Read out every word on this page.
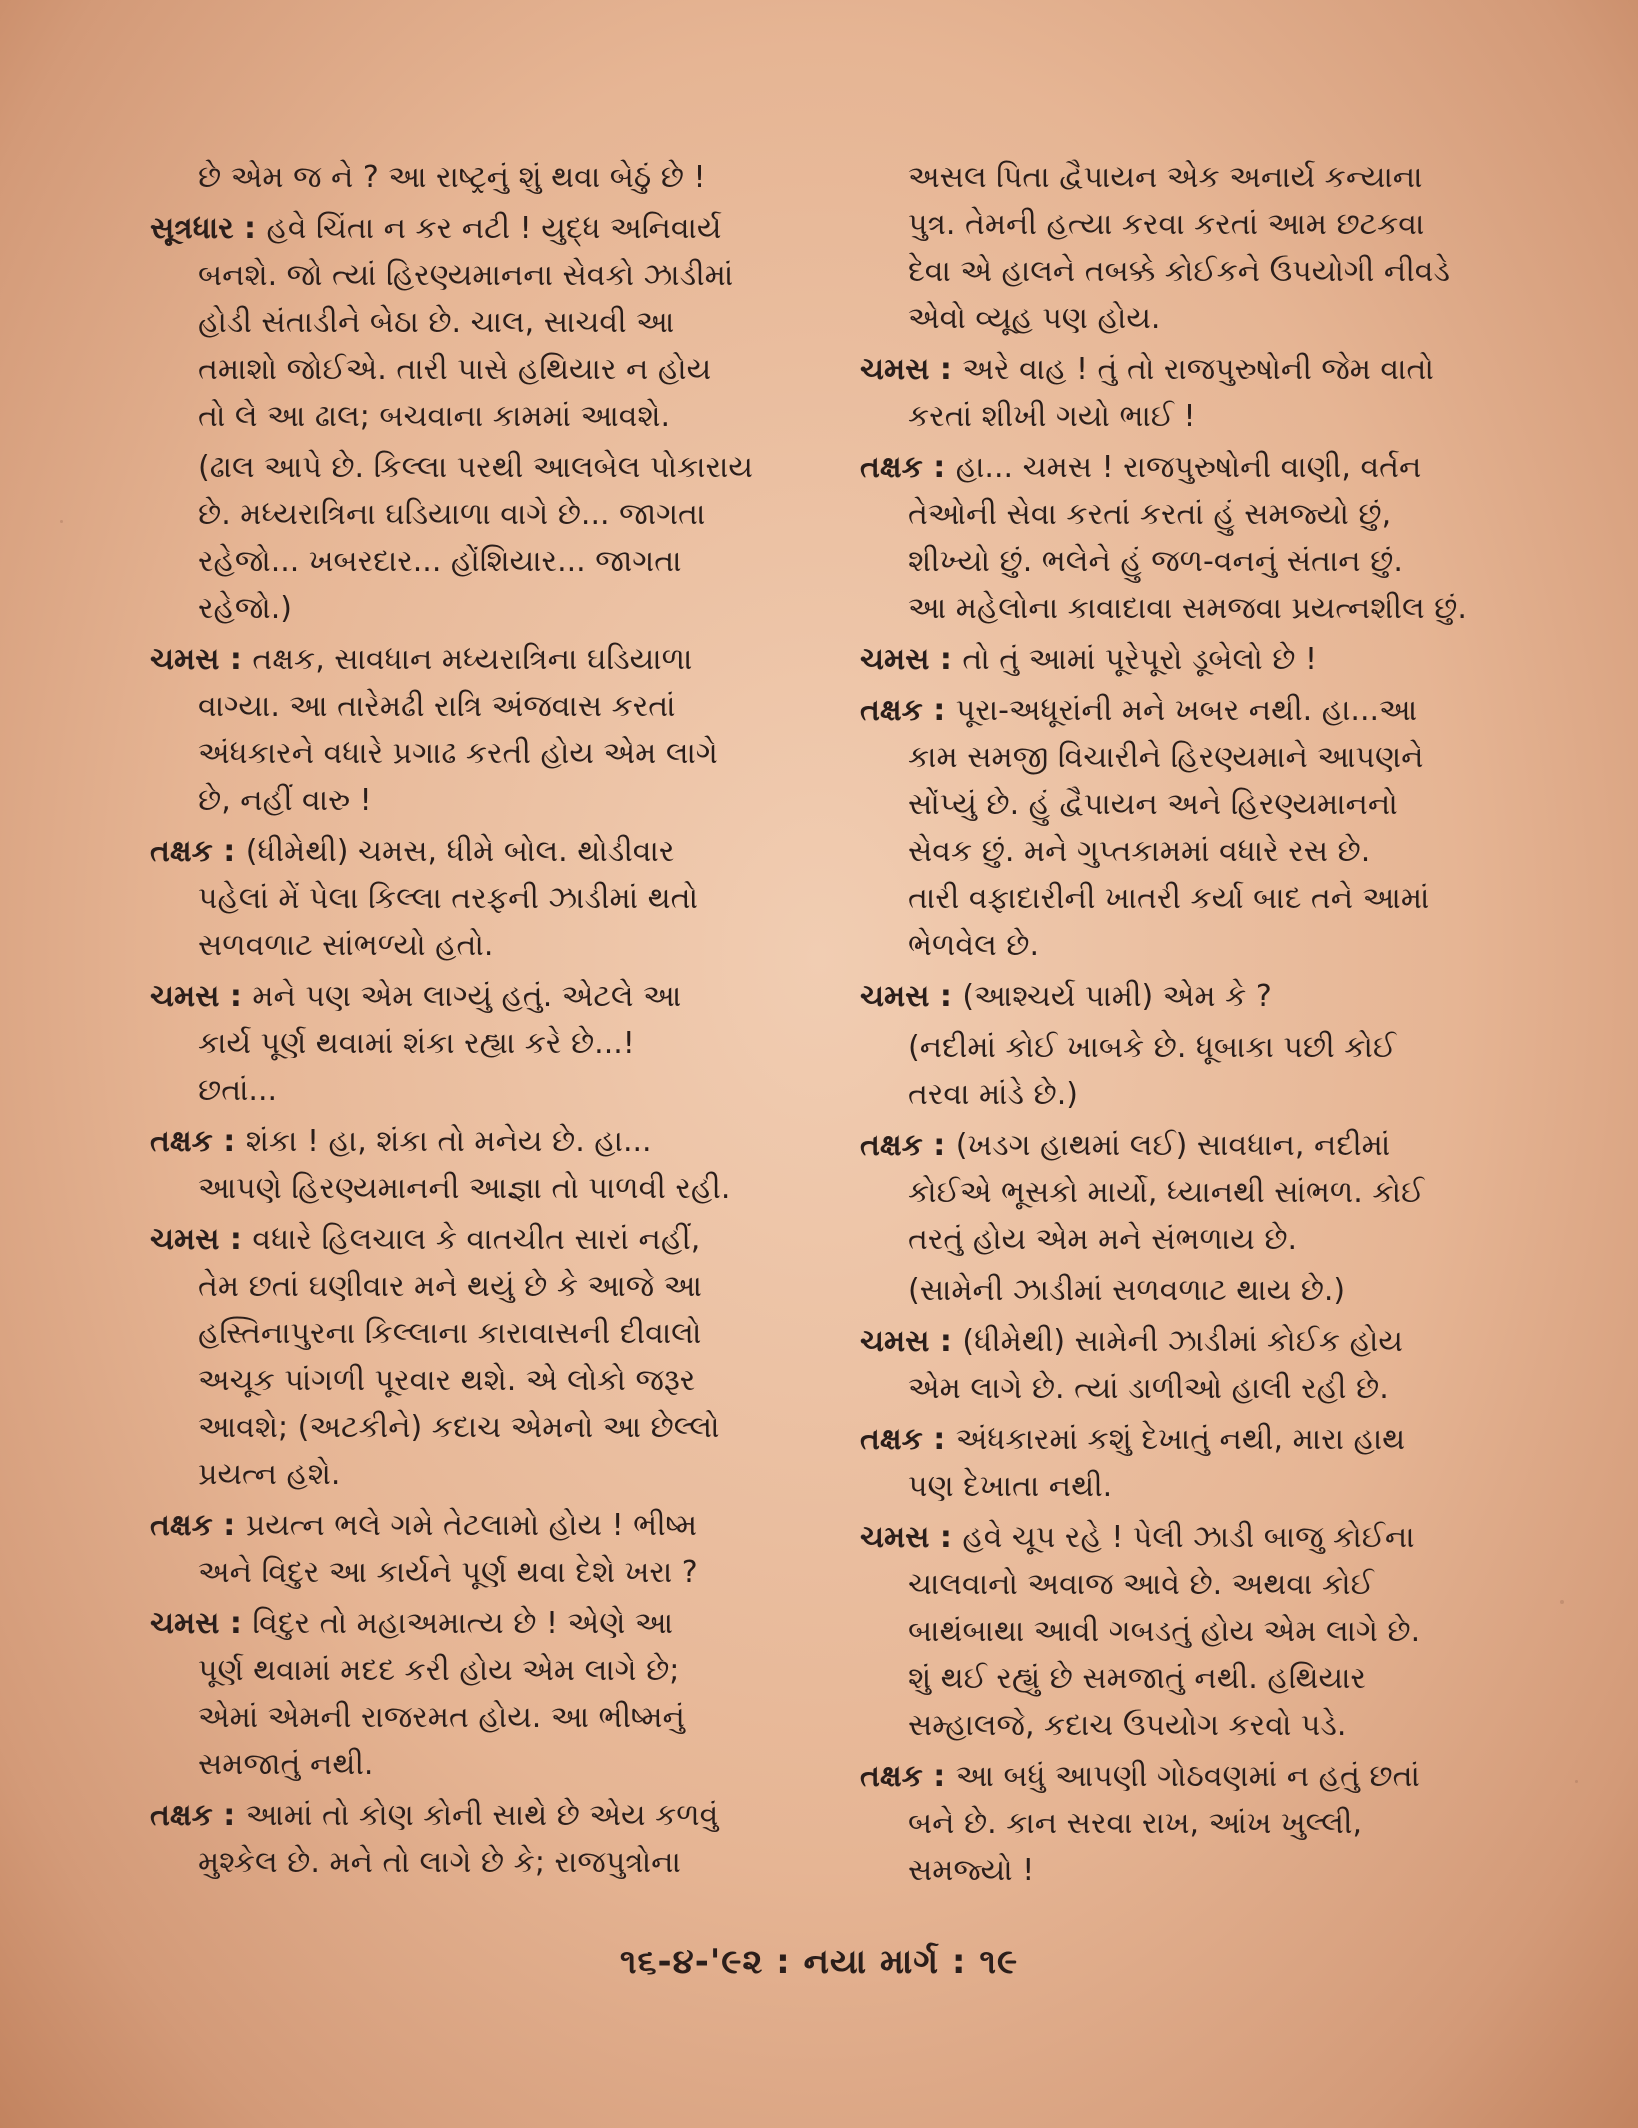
છે એમ જ ને ? આ રાષ્ટ્રનું શું થવા બેઠું છે !
સૂત્રધાર : હવે ચિંતા ન કર નટી ! યુદ્ધ અનિવાર્ય
બનશે. જો ત્યાં હિરણ્યમાનના સેવકો ઝાડીમાં
હોડી સંતાડીને બેઠા છે. ચાલ, સાચવી આ
તમાશો જોઈએ. તારી પાસે હથિયાર ન હોય
તો લે આ ઢાલ; બચવાના કામમાં આવશે.
(ઢાલ આપે છે. કિલ્લા પરથી આલબેલ પોકારાય
છે. મધ્યરાત્રિના ઘડિયાળા વાગે છે... જાગતા
રહેજો... ખબરદાર... હોંશિયાર... જાગતા
રહેજો.)
ચમસ : તક્ષક, સાવધાન મધ્યરાત્રિના ઘડિયાળા
વાગ્યા. આ તારેમઢી રાત્રિ અંજવાસ કરતાં
અંધકારને વધારે પ્રગાઢ કરતી હોય એમ લાગે
છે, નહીં વારુ !
તક્ષક : (ધીમેથી) ચમસ, ધીમે બોલ. થોડીવાર
પહેલાં મેં પેલા કિલ્લા તરફની ઝાડીમાં થતો
સળવળાટ સાંભળ્યો હતો.
ચમસ : મને પણ એમ લાગ્યું હતું. એટલે આ
કાર્ય પૂર્ણ થવામાં શંકા રહ્યા કરે છે...!
છતાં...
તક્ષક : શંકા ! હા, શંકા તો મનેય છે. હા...
આપણે હિરણ્યમાનની આજ્ઞા તો પાળવી રહી.
ચમસ : વધારે હિલચાલ કે વાતચીત સારાં નહીં,
તેમ છતાં ઘણીવાર મને થયું છે કે આજે આ
હસ્તિનાપુરના કિલ્લાના કારાવાસની દીવાલો
અચૂક પાંગળી પૂરવાર થશે. એ લોકો જરૂર
આવશે; (અટકીને) કદાચ એમનો આ છેલ્લો
પ્રયત્ન હશે.
તક્ષક : પ્રયત્ન ભલે ગમે તેટલામો હોય ! ભીષ્મ
અને વિદુર આ કાર્યને પૂર્ણ થવા દેશે ખરા ?
ચમસ : વિદુર તો મહાઅમાત્ય છે ! એણે આ
પૂર્ણ થવામાં મદદ કરી હોય એમ લાગે છે;
એમાં એમની રાજરમત હોય. આ ભીષ્મનું
સમજાતું નથી.
તક્ષક : આમાં તો કોણ કોની સાથે છે એય કળવું
મુશ્કેલ છે. મને તો લાગે છે કે; રાજપુત્રોના
અસલ પિતા દ્વૈપાયન એક અનાર્ય કન્યાના
પુત્ર. તેમની હત્યા કરવા કરતાં આમ છટકવા
દેવા એ હાલને તબક્કે કોઈકને ઉપયોગી નીવડે
એવો વ્યૂહ પણ હોય.
ચમસ : અરે વાહ ! તું તો રાજપુરુષોની જેમ વાતો
કરતાં શીખી ગયો ભાઈ !
તક્ષક : હા... ચમસ ! રાજપુરુષોની વાણી, વર્તન
તેઓની સેવા કરતાં કરતાં હું સમજ્યો છું,
શીખ્યો છું. ભલેને હું જળ-વનનું સંતાન છું.
આ મહેલોના કાવાદાવા સમજવા પ્રયત્નશીલ છું.
ચમસ : તો તું આમાં પૂરેપૂરો ડૂબેલો છે !
તક્ષક : પૂરા-અધૂરાંની મને ખબર નથી. હા...આ
કામ સમજી વિચારીને હિરણ્યમાને આપણને
સોંપ્યું છે. હું દ્વૈપાયન અને હિરણ્યમાનનો
સેવક છું. મને ગુપ્તકામમાં વધારે રસ છે.
તારી વફાદારીની ખાતરી કર્યા બાદ તને આમાં
ભેળવેલ છે.
ચમસ : (આશ્ચર્ય પામી) એમ કે ?
(નદીમાં કોઈ ખાબકે છે. ધૂબાકા પછી કોઈ
તરવા માંડે છે.)
તક્ષક : (ખડગ હાથમાં લઈ) સાવધાન, નદીમાં
કોઈએ ભૂસકો માર્યો, ધ્યાનથી સાંભળ. કોઈ
તરતું હોય એમ મને સંભળાય છે.
(સામેની ઝાડીમાં સળવળાટ થાય છે.)
ચમસ : (ધીમેથી) સામેની ઝાડીમાં કોઈક હોય
એમ લાગે છે. ત્યાં ડાળીઓ હાલી રહી છે.
તક્ષક : અંધકારમાં કશું દેખાતું નથી, મારા હાથ
પણ દેખાતા નથી.
ચમસ : હવે ચૂપ રહે ! પેલી ઝાડી બાજુ કોઈના
ચાલવાનો અવાજ આવે છે. અથવા કોઈ
બાથંબાથા આવી ગબડતું હોય એમ લાગે છે.
શું થઈ રહ્યું છે સમજાતું નથી. હથિયાર
સમ્હાલજે, કદાચ ઉપયોગ કરવો પડે.
તક્ષક : આ બધું આપણી ગોઠવણમાં ન હતું છતાં
બને છે. કાન સરવા રાખ, આંખ ખુલ્લી,
સમજ્યો !
૧૬-૪-'૯૨ : નયા માર્ગ : ૧૯
